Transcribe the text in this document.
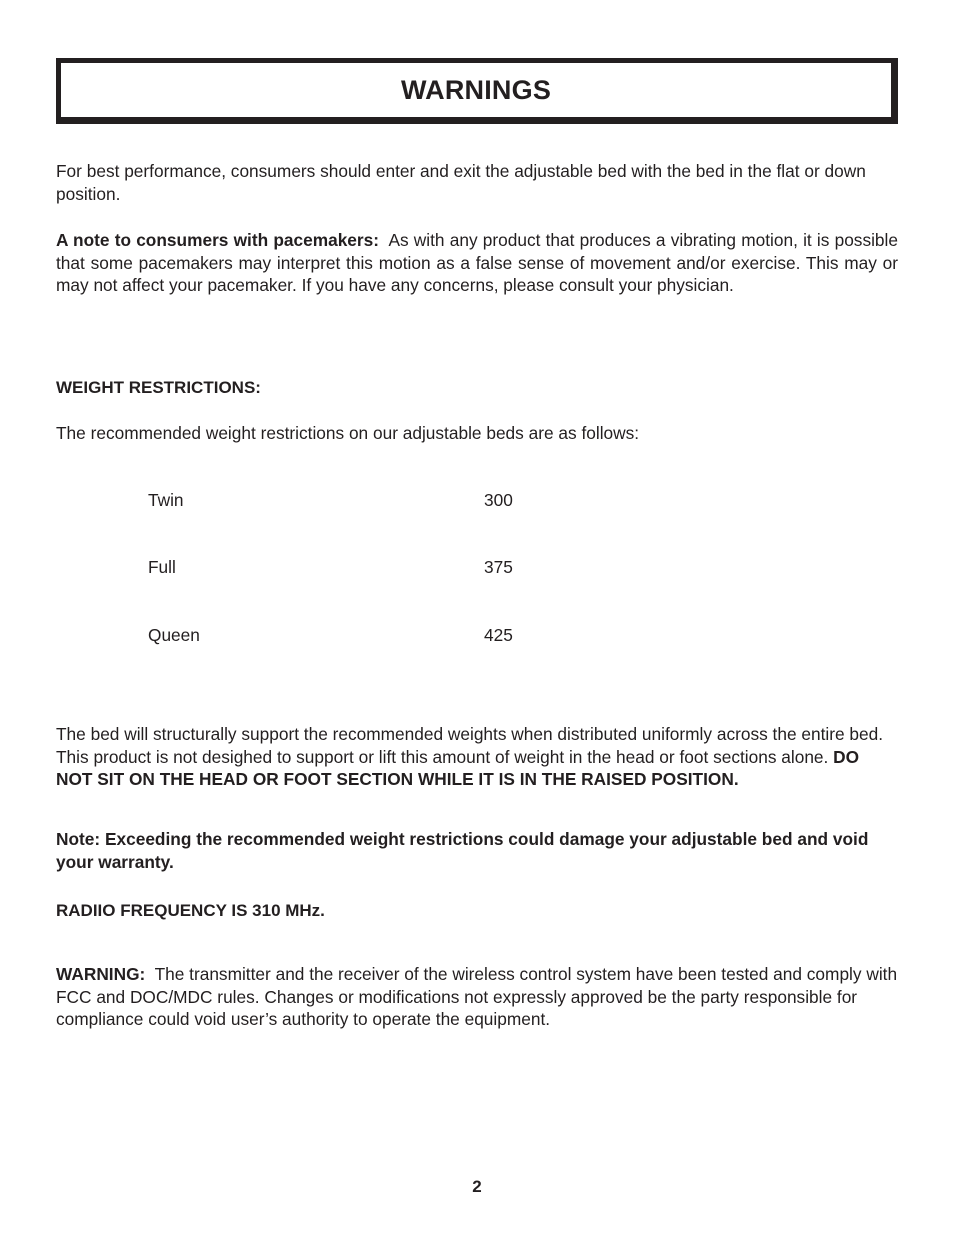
WARNINGS

For best performance, consumers should enter and exit the adjustable bed with the bed in the flat or down position.

A note to consumers with pacemakers: As with any product that produces a vibrating motion, it is possible that some pacemakers may interpret this motion as a false sense of movement and/or exercise. This may or may not affect your pacemaker. If you have any concerns, please consult your physician.

WEIGHT RESTRICTIONS:

The recommended weight restrictions on our adjustable beds are as follows:

Twin	300
Full	375
Queen	425

The bed will structurally support the recommended weights when distributed uniformly across the entire bed. This product is not desighed to support or lift this amount of weight in the head or foot sections alone. DO NOT SIT ON THE HEAD OR FOOT SECTION WHILE IT IS IN THE RAISED POSITION.

Note: Exceeding the recommended weight restrictions could damage your adjustable bed and void your warranty.

RADIIO FREQUENCY IS 310 MHz.

WARNING: The transmitter and the receiver of the wireless control system have been tested and comply with FCC and DOC/MDC rules. Changes or modifications not expressly approved be the party responsible for compliance could void user’s authority to operate the equipment.

2
